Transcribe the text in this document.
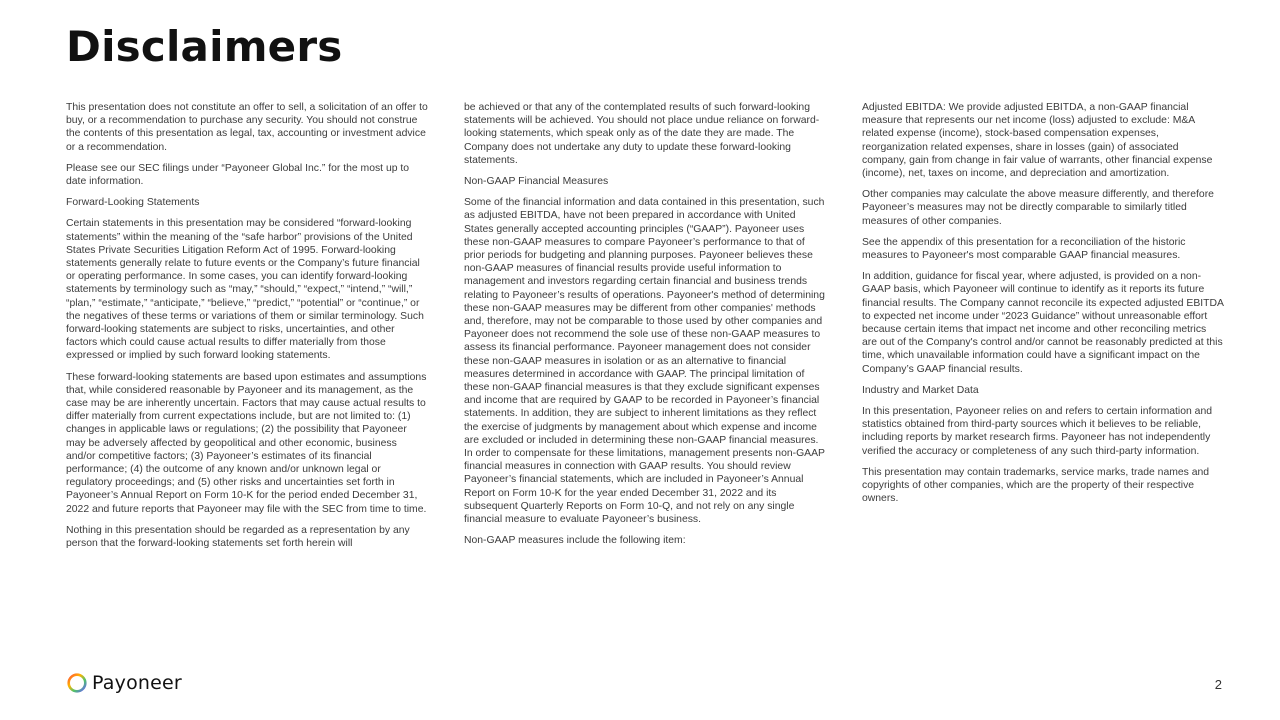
Disclaimers

This presentation does not constitute an offer to sell, a solicitation of an offer to buy, or a recommendation to purchase any security. You should not construe the contents of this presentation as legal, tax, accounting or investment advice or a recommendation.

Please see our SEC filings under “Payoneer Global Inc.” for the most up to date information.

Forward-Looking Statements

Certain statements in this presentation may be considered “forward-looking statements” within the meaning of the “safe harbor” provisions of the United States Private Securities Litigation Reform Act of 1995. Forward-looking statements generally relate to future events or the Company’s future financial or operating performance. In some cases, you can identify forward-looking statements by terminology such as “may,” “should,” “expect,” “intend,” “will,” “plan,” “estimate,” “anticipate,” “believe,” “predict,” “potential” or “continue,” or the negatives of these terms or variations of them or similar terminology. Such forward-looking statements are subject to risks, uncertainties, and other factors which could cause actual results to differ materially from those expressed or implied by such forward looking statements.

These forward-looking statements are based upon estimates and assumptions that, while considered reasonable by Payoneer and its management, as the case may be are inherently uncertain. Factors that may cause actual results to differ materially from current expectations include, but are not limited to: (1) changes in applicable laws or regulations; (2) the possibility that Payoneer may be adversely affected by geopolitical and other economic, business and/or competitive factors; (3) Payoneer’s estimates of its financial performance; (4) the outcome of any known and/or unknown legal or regulatory proceedings; and (5) other risks and uncertainties set forth in Payoneer’s Annual Report on Form 10-K for the period ended December 31, 2022 and future reports that Payoneer may file with the SEC from time to time.

Nothing in this presentation should be regarded as a representation by any person that the forward-looking statements set forth herein will

be achieved or that any of the contemplated results of such forward-looking statements will be achieved. You should not place undue reliance on forward-looking statements, which speak only as of the date they are made. The Company does not undertake any duty to update these forward-looking statements.

Non-GAAP Financial Measures

Some of the financial information and data contained in this presentation, such as adjusted EBITDA, have not been prepared in accordance with United States generally accepted accounting principles (“GAAP”). Payoneer uses these non-GAAP measures to compare Payoneer’s performance to that of prior periods for budgeting and planning purposes. Payoneer believes these non-GAAP measures of financial results provide useful information to management and investors regarding certain financial and business trends relating to Payoneer’s results of operations. Payoneer's method of determining these non-GAAP measures may be different from other companies' methods and, therefore, may not be comparable to those used by other companies and Payoneer does not recommend the sole use of these non-GAAP measures to assess its financial performance. Payoneer management does not consider these non-GAAP measures in isolation or as an alternative to financial measures determined in accordance with GAAP. The principal limitation of these non-GAAP financial measures is that they exclude significant expenses and income that are required by GAAP to be recorded in Payoneer’s financial statements. In addition, they are subject to inherent limitations as they reflect the exercise of judgments by management about which expense and income are excluded or included in determining these non-GAAP financial measures. In order to compensate for these limitations, management presents non-GAAP financial measures in connection with GAAP results. You should review Payoneer’s financial statements, which are included in Payoneer’s Annual Report on Form 10-K for the year ended December 31, 2022 and its subsequent Quarterly Reports on Form 10-Q, and not rely on any single financial measure to evaluate Payoneer’s business.

Non-GAAP measures include the following item:

Adjusted EBITDA: We provide adjusted EBITDA, a non-GAAP financial measure that represents our net income (loss) adjusted to exclude: M&A related expense (income), stock-based compensation expenses, reorganization related expenses, share in losses (gain) of associated company, gain from change in fair value of warrants, other financial expense (income), net, taxes on income, and depreciation and amortization.

Other companies may calculate the above measure differently, and therefore Payoneer’s measures may not be directly comparable to similarly titled measures of other companies.

See the appendix of this presentation for a reconciliation of the historic measures to Payoneer's most comparable GAAP financial measures.

In addition, guidance for fiscal year, where adjusted, is provided on a non-GAAP basis, which Payoneer will continue to identify as it reports its future financial results. The Company cannot reconcile its expected adjusted EBITDA to expected net income under “2023 Guidance” without unreasonable effort because certain items that impact net income and other reconciling metrics are out of the Company's control and/or cannot be reasonably predicted at this time, which unavailable information could have a significant impact on the Company’s GAAP financial results.

Industry and Market Data

In this presentation, Payoneer relies on and refers to certain information and statistics obtained from third-party sources which it believes to be reliable, including reports by market research firms. Payoneer has not independently verified the accuracy or completeness of any such third-party information.

This presentation may contain trademarks, service marks, trade names and copyrights of other companies, which are the property of their respective owners.

Payoneer	2
